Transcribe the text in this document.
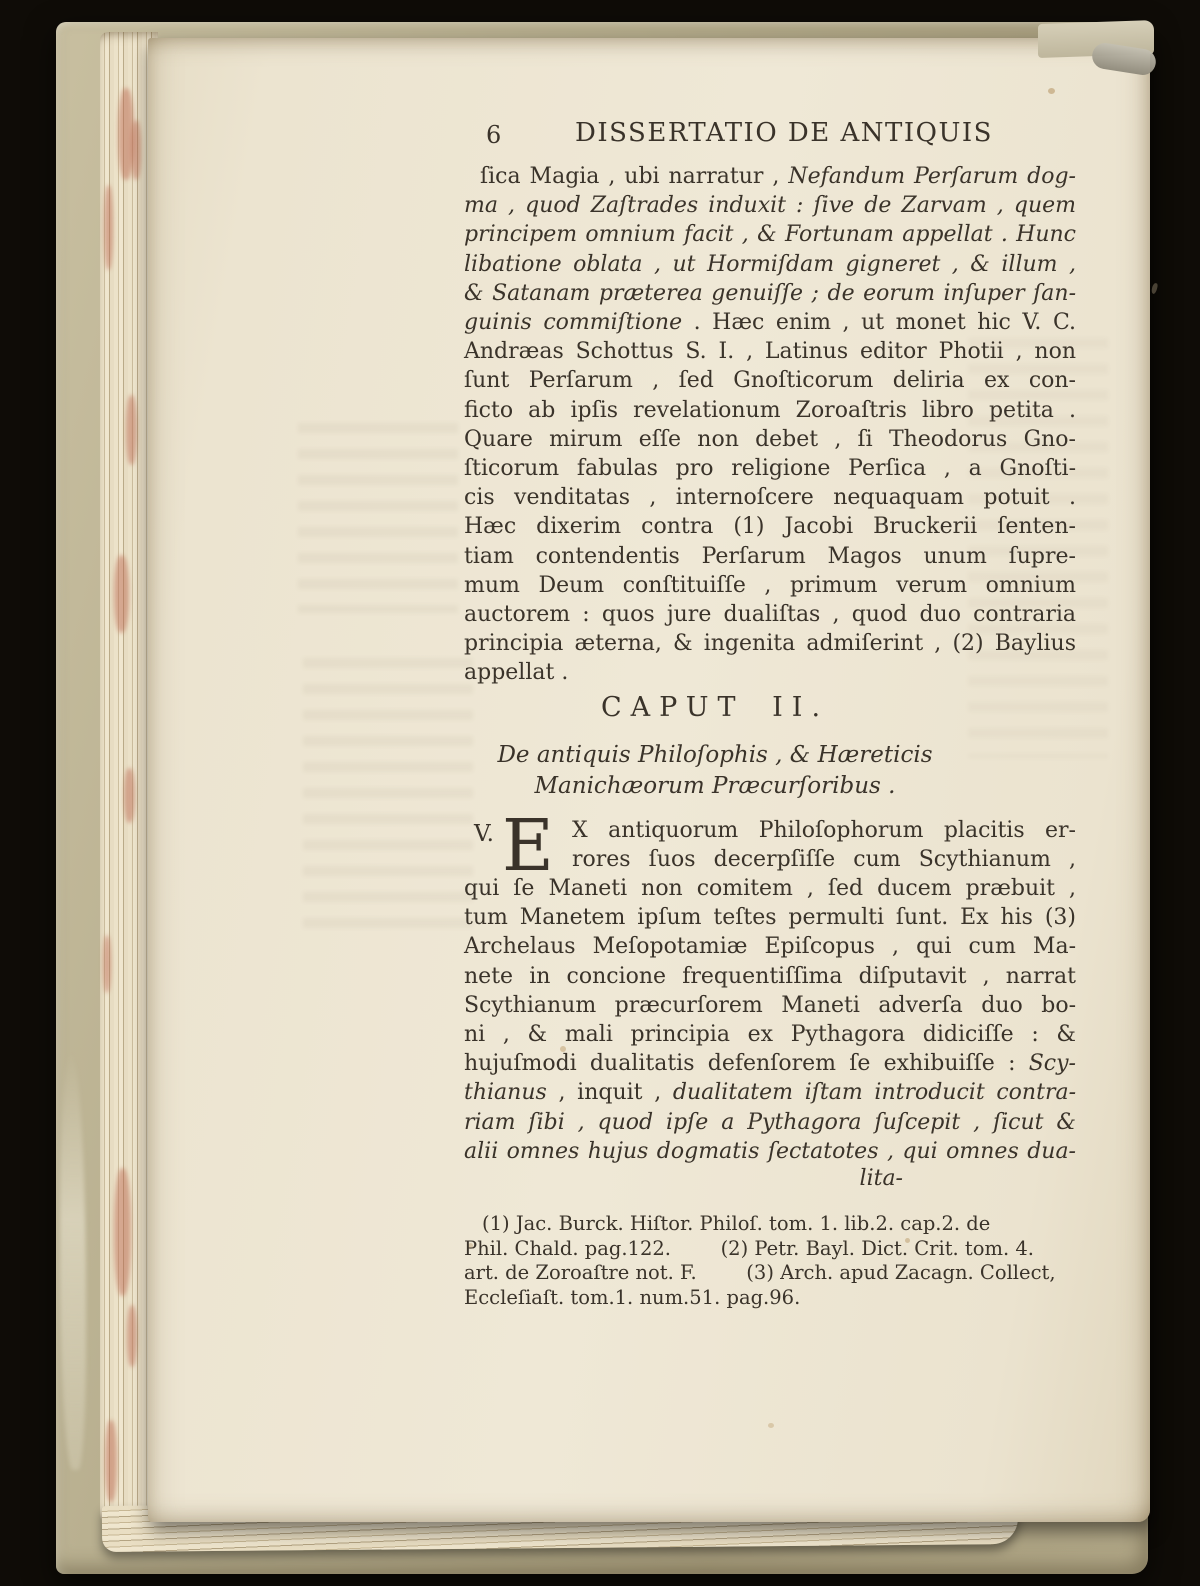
6	DISSERTATIO DE ANTIQUIS
ſica Magia , ubi narratur , Nefandum Perſarum dog-
ma , quod Zaſtrades induxit : ſive de Zarvam , quem
principem omnium facit , & Fortunam appellat . Hunc
libatione oblata , ut Hormiſdam gigneret , & illum ,
& Satanam præterea genuiſſe ; de eorum inſuper ſan-
guinis commiſtione . Hæc enim , ut monet hic V. C.
Andræas Schottus S. I. , Latinus editor Photii , non
ſunt Perſarum , ſed Gnoſticorum deliria ex con-
ficto ab ipſis revelationum Zoroaſtris libro petita .
Quare mirum eſſe non debet , ſi Theodorus Gno-
ſticorum fabulas pro religione Perſica , a Gnoſti-
cis venditatas , internoſcere nequaquam potuit .
Hæc dixerim contra (1) Jacobi Bruckerii ſenten-
tiam contendentis Perſarum Magos unum ſupre-
mum Deum conſtituiſſe , primum verum omnium
auctorem : quos jure dualiſtas , quod duo contraria
principia æterna, & ingenita admiſerint , (2) Baylius
appellat .
CAPUT II.
De antiquis Philoſophis , & Hæreticis
Manichæorum Præcurſoribus .
V. E X antiquorum Philoſophorum placitis er-
rores ſuos decerpſiſſe cum Scythianum ,
qui ſe Maneti non comitem , ſed ducem præbuit ,
tum Manetem ipſum teſtes permulti ſunt. Ex his (3)
Archelaus Meſopotamiæ Epiſcopus , qui cum Ma-
nete in concione frequentiſſima diſputavit , narrat
Scythianum præcurſorem Maneti adverſa duo bo-
ni , & mali principia ex Pythagora didiciſſe : &
hujuſmodi dualitatis defenſorem ſe exhibuiſſe : Scy-
thianus , inquit , dualitatem iſtam introducit contra-
riam ſibi , quod ipſe a Pythagora ſuſcepit , ſicut &
alii omnes hujus dogmatis ſectatotes , qui omnes dua-
lita-
(1) Jac. Burck. Hiſtor. Philoſ. tom. 1. lib.2. cap.2. de
Phil. Chald. pag.122.        (2) Petr. Bayl. Dict. Crit. tom. 4.
art. de Zoroaſtre not. F.        (3) Arch. apud Zacagn. Collect,
Eccleſiaſt. tom.1. num.51. pag.96.
